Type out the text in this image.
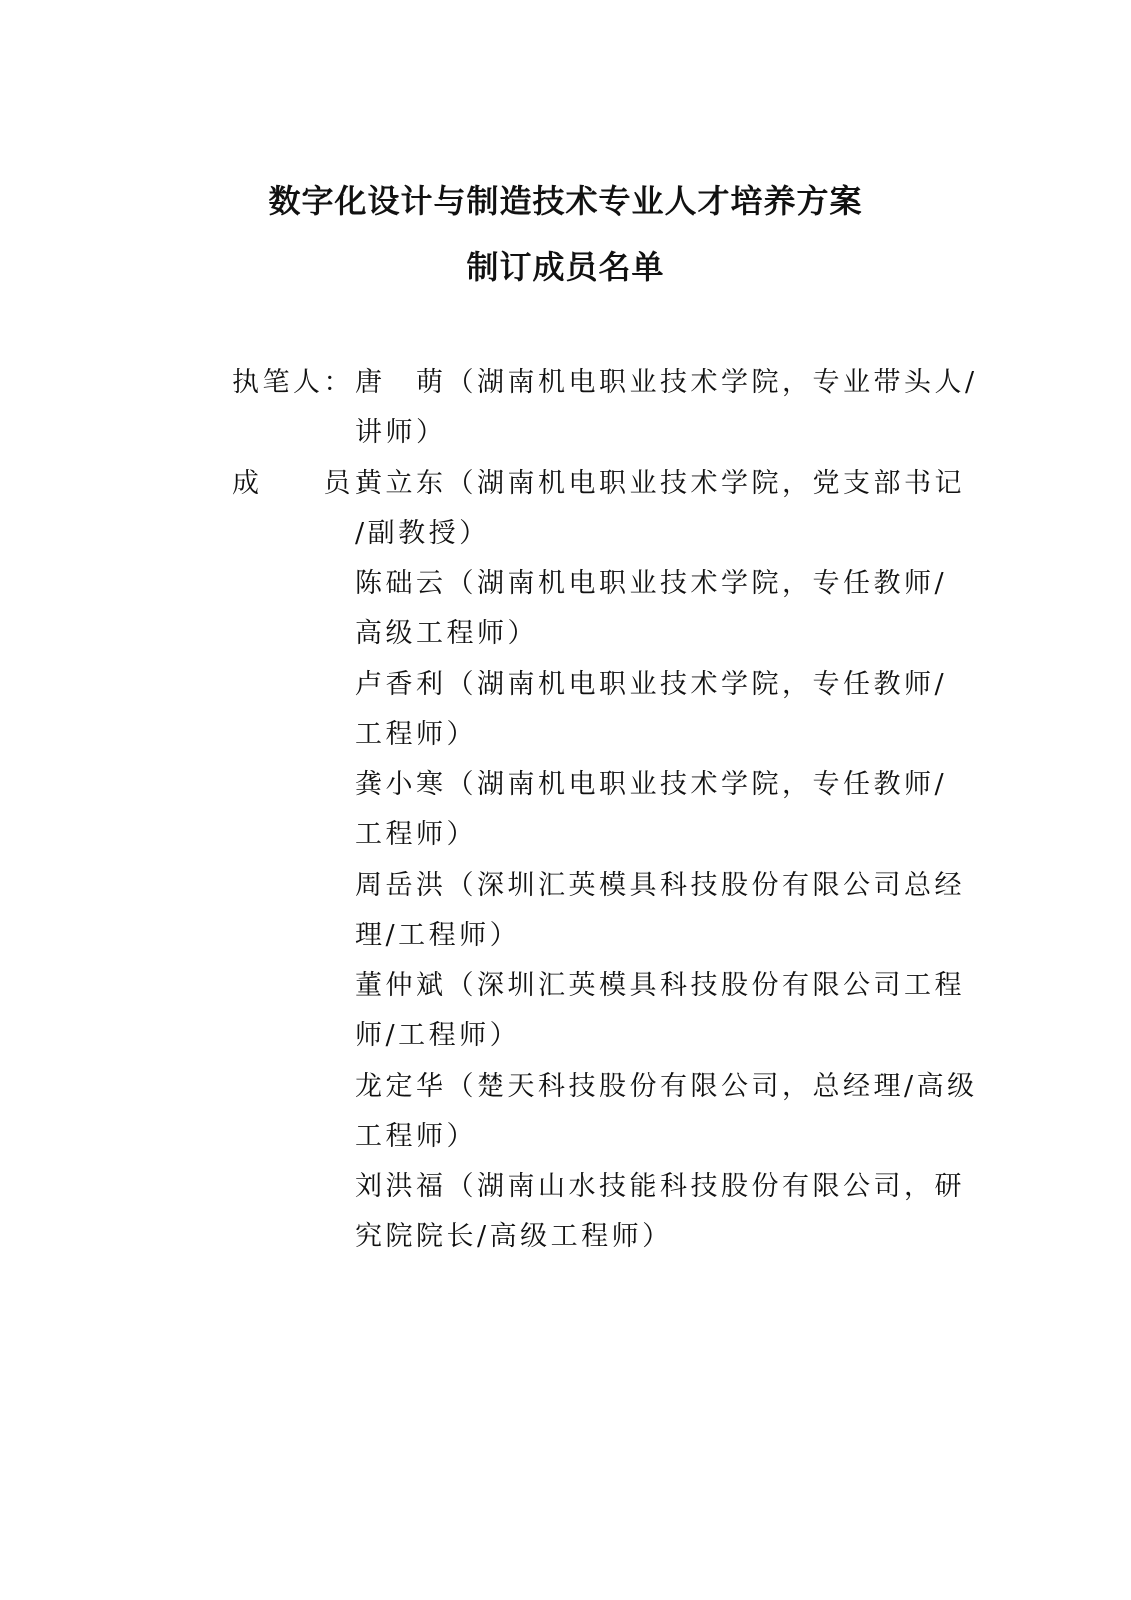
数字化设计与制造技术专业人才培养方案
制订成员名单
执笔人： 唐　萌（湖南机电职业技术学院，专业带头人/
讲师）
成　　员：
黄立东（湖南机电职业技术学院，党支部书记
/副教授）
陈础云（湖南机电职业技术学院，专任教师/
高级工程师）
卢香利（湖南机电职业技术学院，专任教师/
工程师）
龚小寒（湖南机电职业技术学院，专任教师/
工程师）
周岳洪（深圳汇英模具科技股份有限公司总经
理/工程师）
董仲斌（深圳汇英模具科技股份有限公司工程
师/工程师）
龙定华（楚天科技股份有限公司，总经理/高级
工程师）
刘洪福（湖南山水技能科技股份有限公司，研
究院院长/高级工程师）
